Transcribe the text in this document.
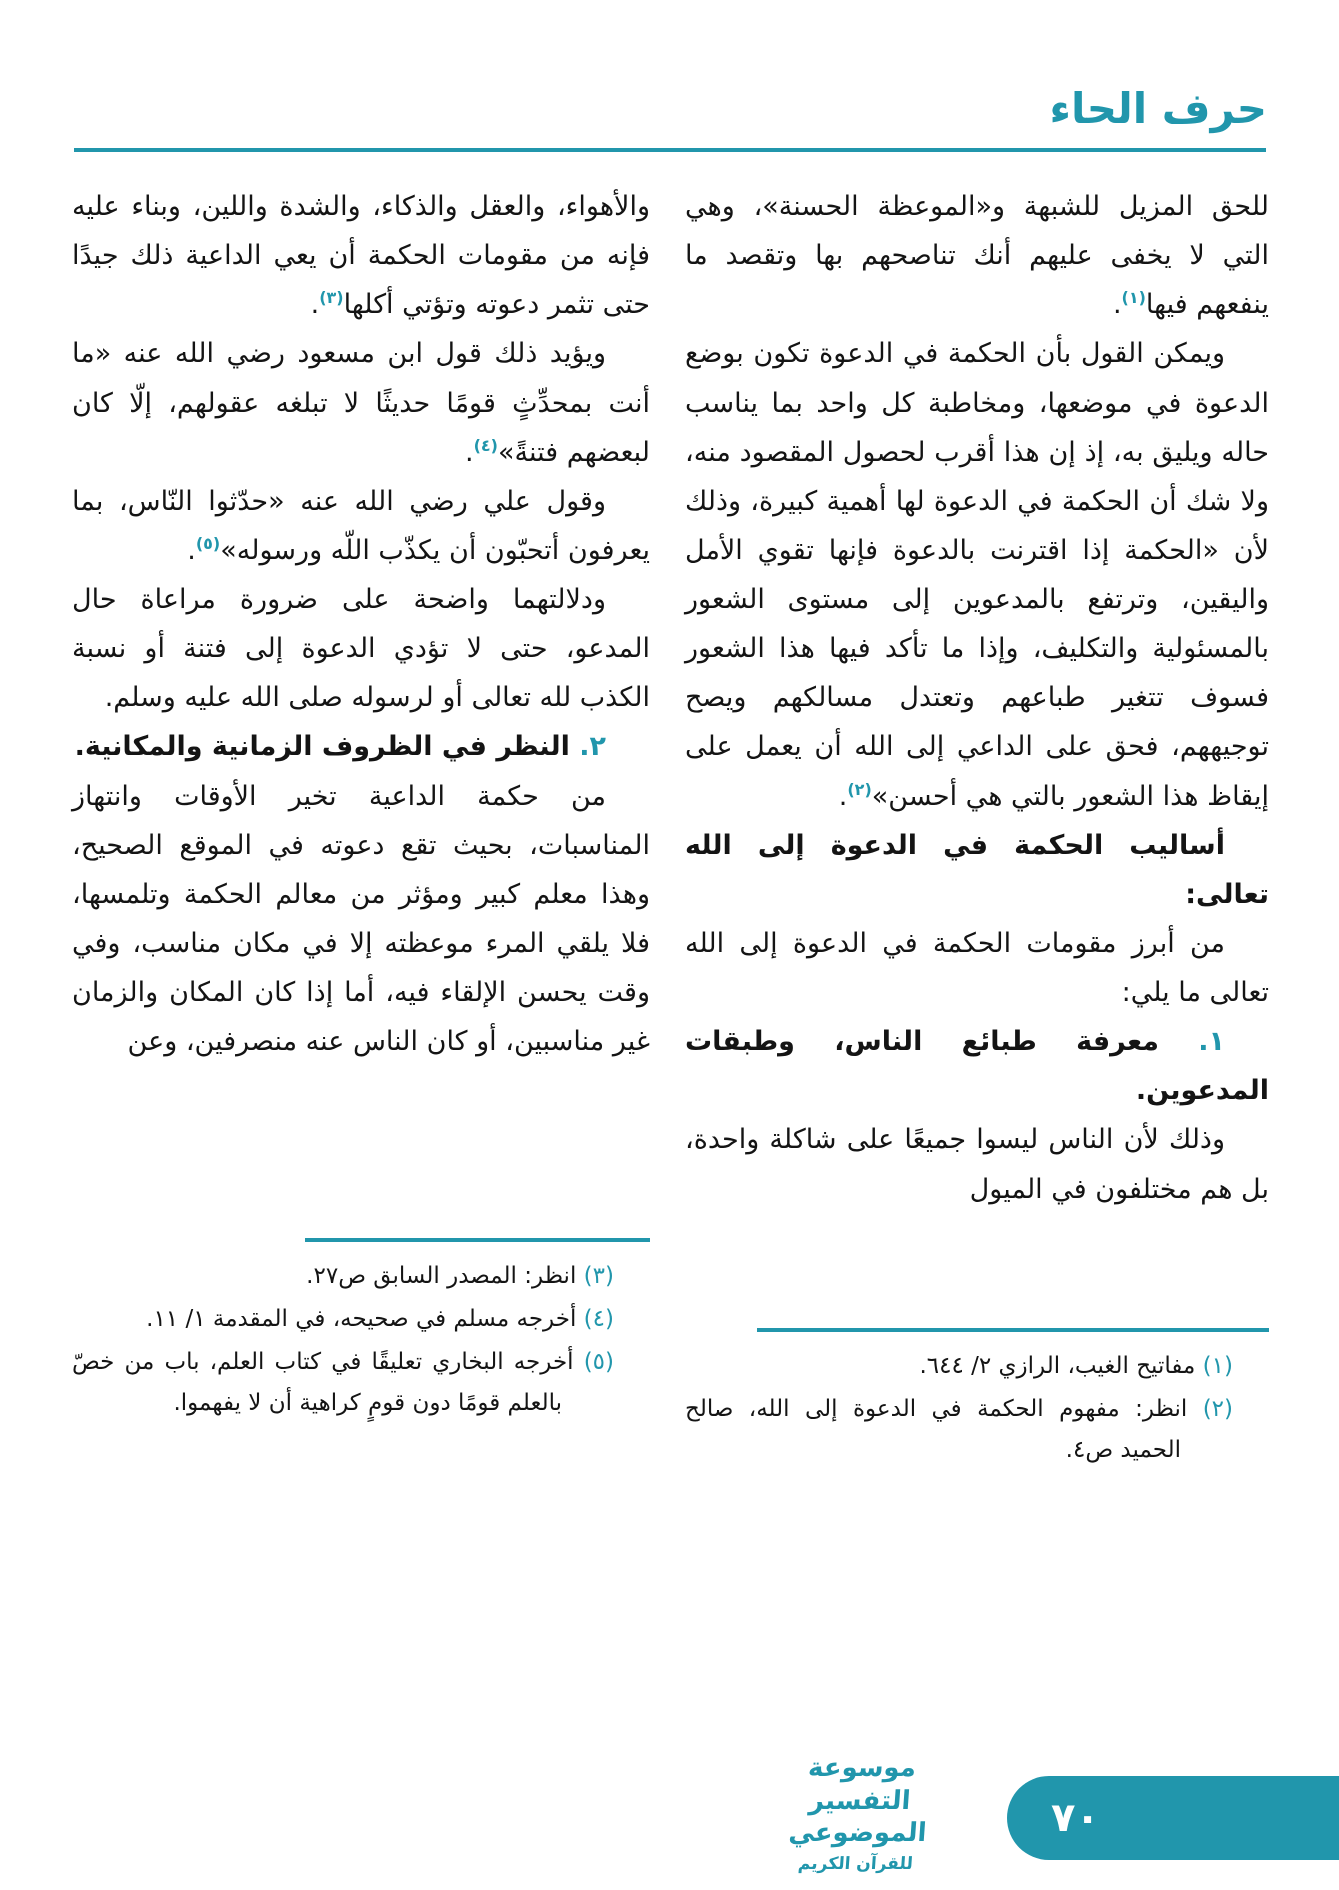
حرف الحاء

للحق المزيل للشبهة و«الموعظة الحسنة»، وهي التي لا يخفى عليهم أنك تناصحهم بها وتقصد ما ينفعهم فيها$^{(١)}$.

ويمكن القول بأن الحكمة في الدعوة تكون بوضع الدعوة في موضعها، ومخاطبة كل واحد بما يناسب حاله ويليق به، إذ إن هذا أقرب لحصول المقصود منه، ولا شك أن الحكمة في الدعوة لها أهمية كبيرة، وذلك لأن «الحكمة إذا اقترنت بالدعوة فإنها تقوي الأمل واليقين، وترتفع بالمدعوين إلى مستوى الشعور بالمسئولية والتكليف، وإذا ما تأكد فيها هذا الشعور فسوف تتغير طباعهم وتعتدل مسالكهم ويصح توجيههم، فحق على الداعي إلى الله أن يعمل على إيقاظ هذا الشعور بالتي هي أحسن»$^{(٢)}$.

أساليب الحكمة في الدعوة إلى الله تعالى:

من أبرز مقومات الحكمة في الدعوة إلى الله تعالى ما يلي:

١. معرفة طبائع الناس، وطبقات المدعوين.

وذلك لأن الناس ليسوا جميعًا على شاكلة واحدة، بل هم مختلفون في الميول

والأهواء، والعقل والذكاء، والشدة واللين، وبناء عليه فإنه من مقومات الحكمة أن يعي الداعية ذلك جيدًا حتى تثمر دعوته وتؤتي أكلها$^{(٣)}$.

ويؤيد ذلك قول ابن مسعود رضي الله عنه «ما أنت بمحدِّثٍ قومًا حديثًا لا تبلغه عقولهم، إلّا كان لبعضهم فتنةً»$^{(٤)}$.

وقول علي رضي الله عنه «حدّثوا النّاس، بما يعرفون أتحبّون أن يكذّب اللّه ورسوله»$^{(٥)}$.

ودلالتهما واضحة على ضرورة مراعاة حال المدعو، حتى لا تؤدي الدعوة إلى فتنة أو نسبة الكذب لله تعالى أو لرسوله صلى الله عليه وسلم.

٢. النظر في الظروف الزمانية والمكانية.

من حكمة الداعية تخير الأوقات وانتهاز المناسبات، بحيث تقع دعوته في الموقع الصحيح، وهذا معلم كبير ومؤثر من معالم الحكمة وتلمسها، فلا يلقي المرء موعظته إلا في مكان مناسب، وفي وقت يحسن الإلقاء فيه، أما إذا كان المكان والزمان غير مناسبين، أو كان الناس عنه منصرفين، وعن

(٣) انظر: المصدر السابق ص٢٧.

(٤) أخرجه مسلم في صحيحه، في المقدمة ١/ ١١.

(٥) أخرجه البخاري تعليقًا في كتاب العلم، باب من خصّ بالعلم قومًا دون قومٍ كراهية أن لا يفهموا.

(١) مفاتيح الغيب، الرازي ٢/ ٦٤٤.

(٢) انظر: مفهوم الحكمة في الدعوة إلى الله، صالح الحميد ص٤.

موسوعة التفسير الموضوعي
للقرآن الكريم
٧٠
